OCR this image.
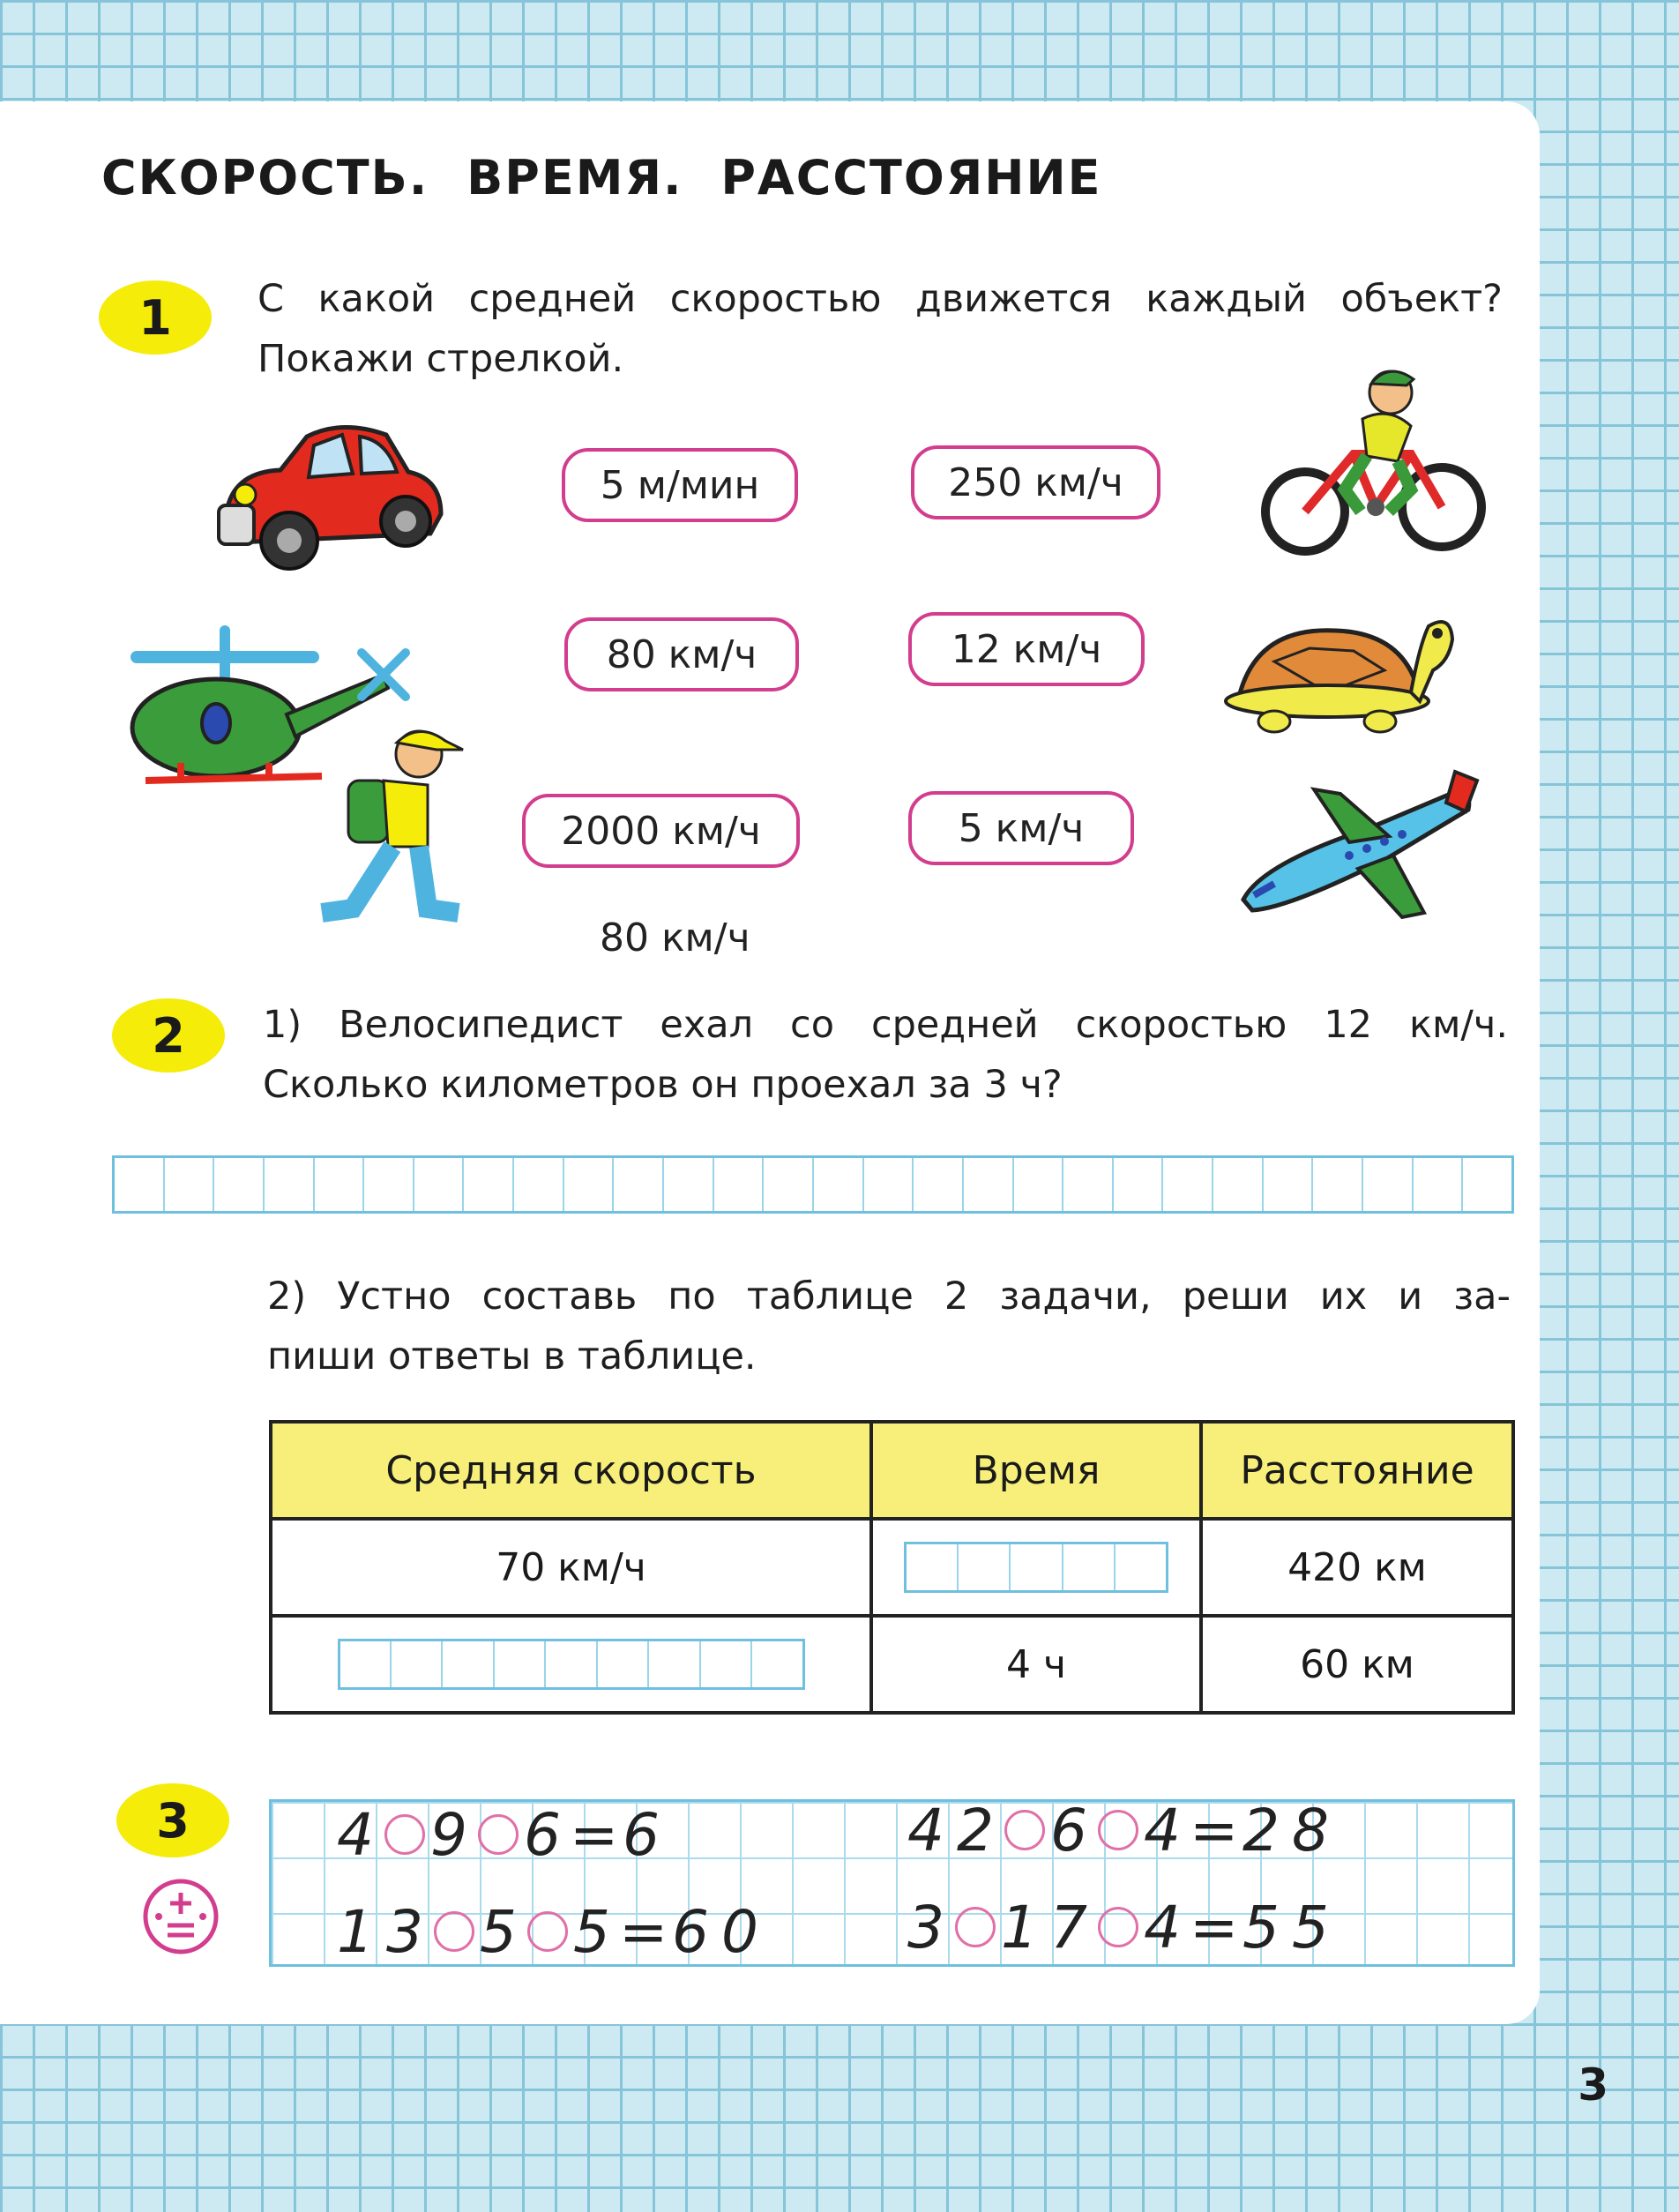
СКОРОСТЬ. ВРЕМЯ. РАССТОЯНИЕ
1	С какой средней скоростью движется каждый объект?
Покажи стрелкой.
5 м/мин	250 км/ч
80 км/ч	12 км/ч
2000 км/ч	5 км/ч
80 км/ч
2	1) Велосипедист ехал со средней скоростью 12 км/ч.
Сколько километров он проехал за 3 ч?
2) Устно составь по таблице 2 задачи, реши их и за-
пиши ответы в таблице.
Средняя скорость	Время	Расстояние
70 км/ч		420 км

	4 ч	60 км
3	4 9 6 =
6	4 2 6 4 =
2 8
1 3 5 5 =
6 0 3 1 7 4 =
5 5
3
